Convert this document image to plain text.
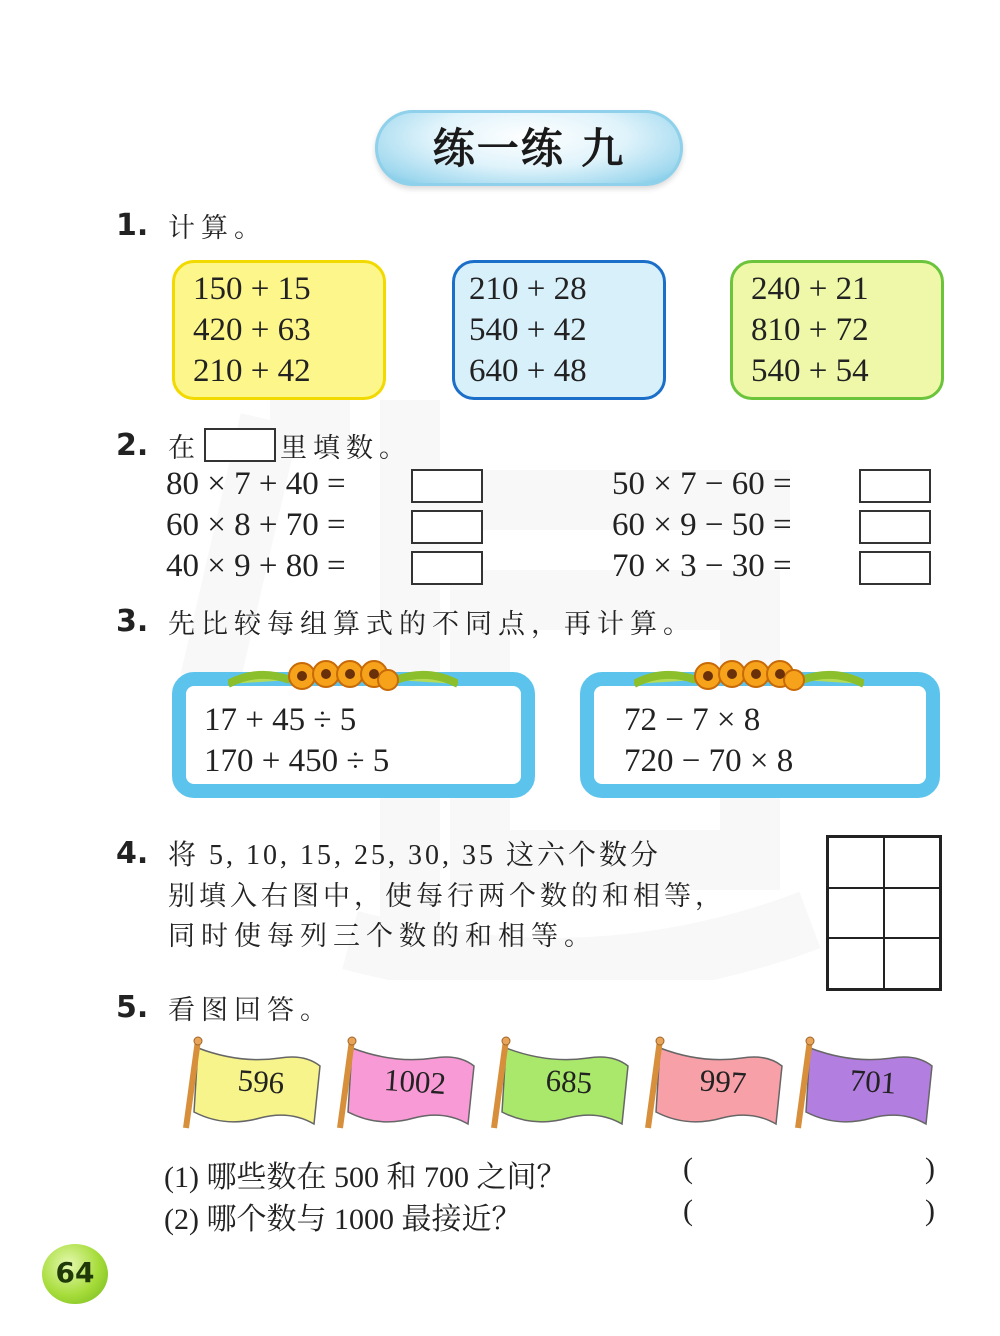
练一练 九
1. 计算。
150 + 15
420 + 63
210 + 42
210 + 28
540 + 42
640 + 48
240 + 21
810 + 72
540 + 54
2. 在	里填数。
80 × 7 + 40 =
60 × 8 + 70 =
40 × 9 + 80 =
50 × 7 − 60 =
60 × 9 − 50 =
70 × 3 − 30 =
3. 先比较每组算式的不同点，再计算。
17 + 45 ÷ 5
170 + 450 ÷ 5
72 − 7 × 8
720 − 70 × 8
4. 将 5, 10, 15, 25, 30, 35 这六个数分
别填入右图中，使每行两个数的和相等，
同时使每列三个数的和相等。
5. 看图回答。
596	1002	685	997	701
(1) 哪些数在 500 和 700 之间？	(	)
(2) 哪个数与 1000 最接近？	(	)
64
